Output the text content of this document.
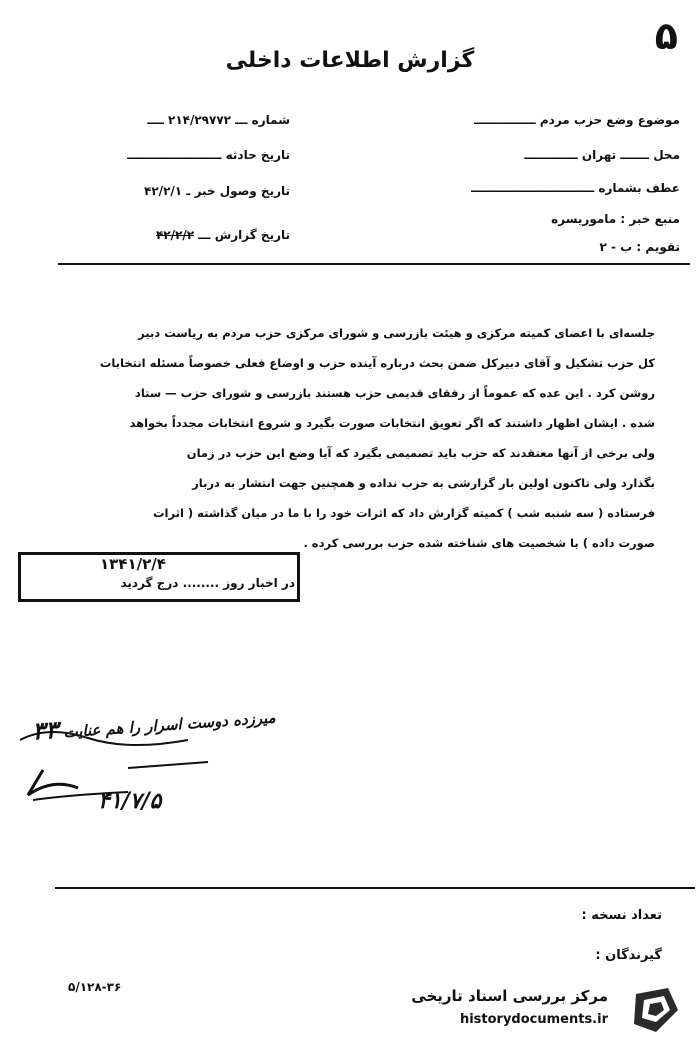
۵
گزارش اطلاعات داخلی
موضوع وضع حزب مردم ـــــــــــــــ
محل ـــــــ تهران ـــــــــــــ
عطف بشماره ــــــــــــــــــــــــــــــ
منبع خبر : ماموریسره
تقویم : ب - ۲
شماره ـــ ۲۱۴/۲۹۷۷۲ ــــ
تاریخ حادثه ـــــــــــــــــــــــ
تاریخ وصول خبر ـ ۴۲/۲/۱
تاریخ گزارش ـــ ۴۲/۲/۲

جلسه‌ای با اعضای کمیته مرکزی و هیئت بازرسی و شورای مرکزی حزب مردم به ریاست دبیر

کل حزب تشکیل و آقای دبیرکل ضمن بحث درباره آینده حزب و اوضاع فعلی خصوصاً مسئله انتخابات

روشن کرد . این عده که عموماً از رفقای قدیمی حزب هستند بازرسی و شورای حزب — ستاد

شده . ایشان اظهار داشتند که اگر تعویق انتخابات صورت بگیرد و شروع انتخابات مجدداً بخواهد

ولی برخی از آنها معتقدند که حزب باید تصمیمی بگیرد که آیا وضع این حزب در زمان

بگذارد ولی تاکنون اولین بار گزارشی به حزب نداده و همچنین جهت انتشار به دربار

فرستاده ( سه شنبه شب ) کمیته گزارش داد که اثرات خود را با ما در میان گذاشته ( اثرات

صورت داده ) با شخصیت های شناخته شده حزب بررسی کرده .

۱۳۴۱/۲/۴
در اخبار روز ........ درج گردید
میرزده دوست اسرار را هم عنایت ۳۳
۴۱/۷/۵
تعداد نسخه :
گیرندگان :
۵/۱۲۸-۳۶	مرکز بررسی اسناد تاریخی
historydocuments.ir
